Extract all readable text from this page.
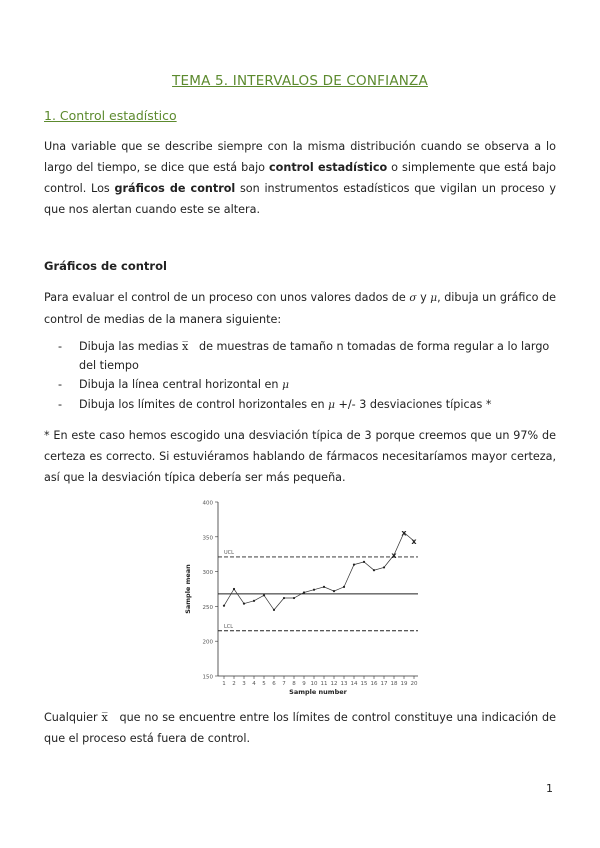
TEMA 5. INTERVALOS DE CONFIANZA
1. Control estadístico
Una variable que se describe siempre con la misma distribución cuando se observa a lo largo del tiempo, se dice que está bajo control estadístico o simplemente que está bajo control. Los gráficos de control son instrumentos estadísticos que vigilan un proceso y que nos alertan cuando este se altera.
Gráficos de control
Para evaluar el control de un proceso con unos valores dados de σ y μ, dibuja un gráfico de control de medias de la manera siguiente:
- Dibuja las medias x̅   de muestras de tamaño n tomadas de forma regular a lo largo del tiempo
- Dibuja la línea central horizontal en μ
- Dibuja los límites de control horizontales en μ +/- 3 desviaciones típicas *
* En este caso hemos escogido una desviación típica de 3 porque creemos que un 97% de certeza es correcto. Si estuviéramos hablando de fármacos necesitaríamos mayor certeza, así que la desviación típica debería ser más pequeña.
150
200
250
300
350
400
1 2 3 4 5 6 7 8 9 10 11 12 13 14 15 16 17 18 19 20
UCL
LCL
x
x
x
Sample number
Sample mean
Cualquier x̅   que no se encuentre entre los límites de control constituye una indicación de que el proceso está fuera de control.
1
